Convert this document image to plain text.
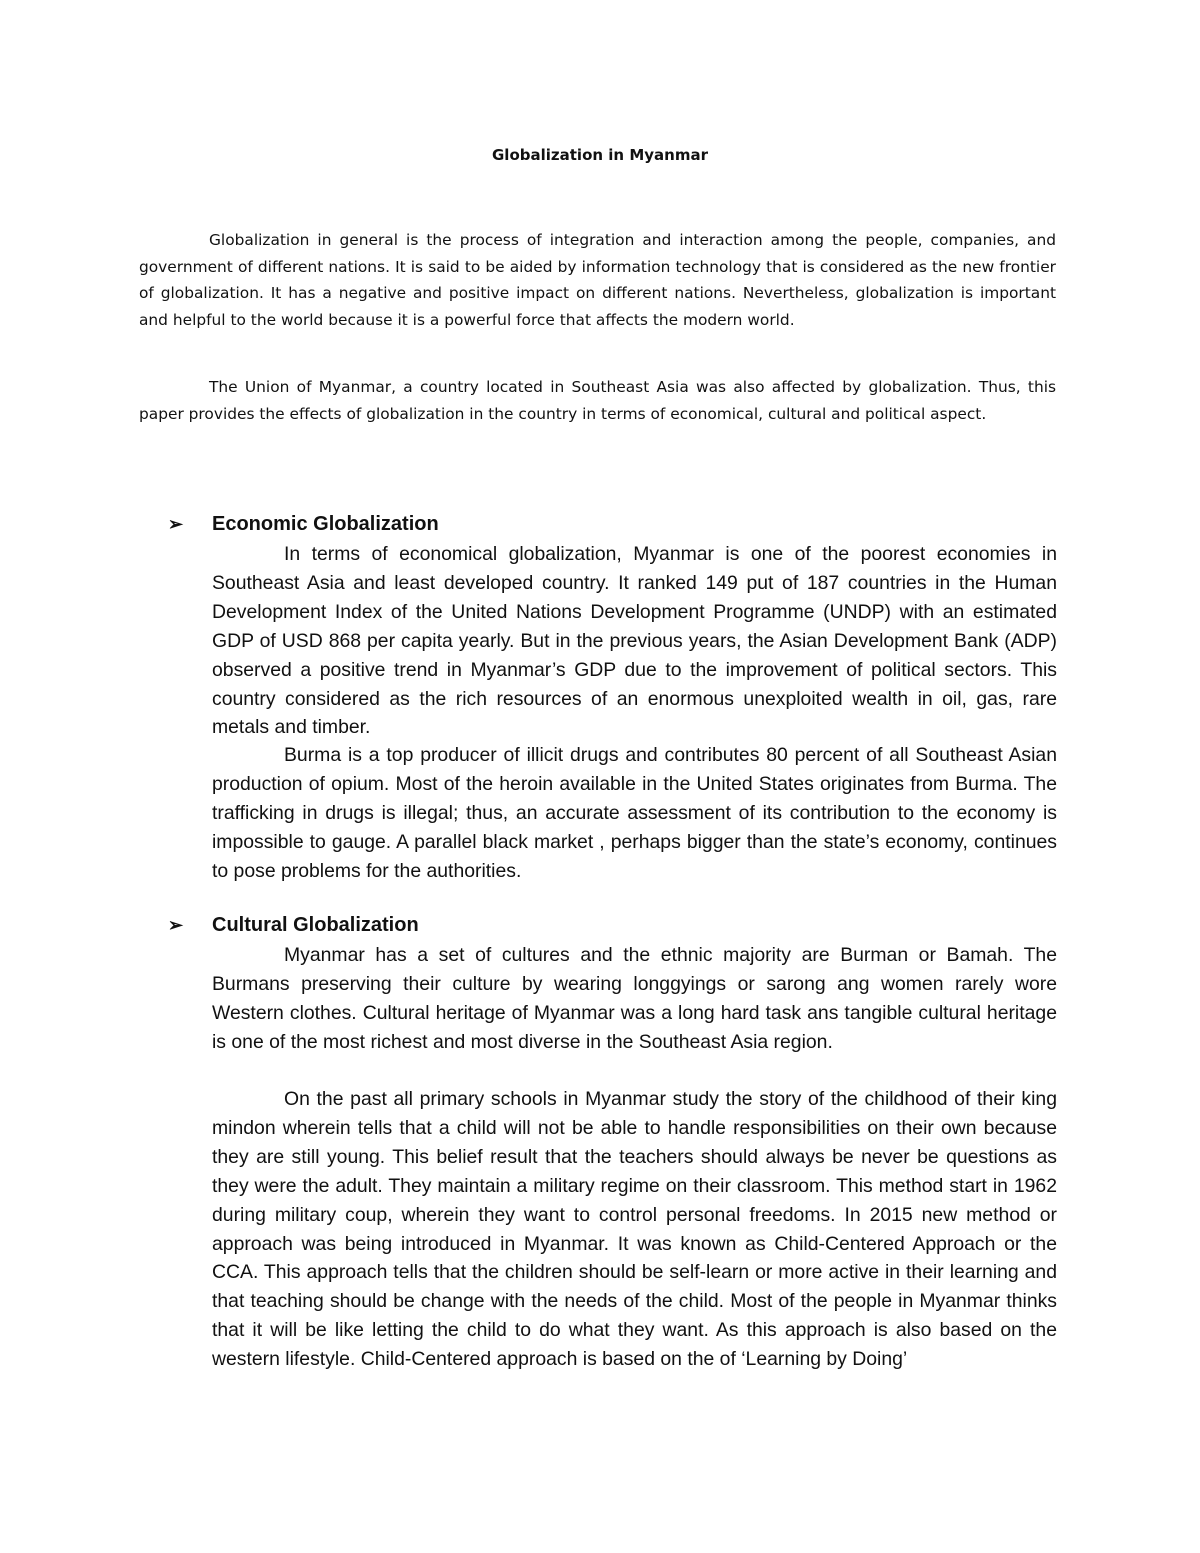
Globalization in Myanmar

Globalization in general is the process of integration and interaction among the people, companies, and government of different nations. It is said to be aided by information technology that is considered as the new frontier of globalization. It has a negative and positive impact on different nations. Nevertheless, globalization is important and helpful to the world because it is a powerful force that affects the modern world.

The Union of Myanmar, a country located in Southeast Asia was also affected by globalization. Thus, this paper provides the effects of globalization in the country in terms of economical, cultural and political aspect.

➢	Economic Globalization

In terms of economical globalization, Myanmar is one of the poorest economies in Southeast Asia and least developed country. It ranked 149 put of 187 countries in the Human Development Index of the United Nations Development Programme (UNDP) with an estimated GDP of USD 868 per capita yearly. But in the previous years, the Asian Development Bank (ADP) observed a positive trend in Myanmar’s GDP due to the improvement of political sectors. This country considered as the rich resources of an enormous unexploited wealth in oil, gas, rare metals and timber.

Burma is a top producer of illicit drugs and contributes 80 percent of all Southeast Asian production of opium. Most of the heroin available in the United States originates from Burma. The trafficking in drugs is illegal; thus, an accurate assessment of its contribution to the economy is impossible to gauge. A parallel black market , perhaps bigger than the state’s economy, continues to pose problems for the authorities.

➢	Cultural Globalization

Myanmar has a set of cultures and the ethnic majority are Burman or Bamah. The Burmans preserving their culture by wearing longgyings or sarong ang women rarely wore Western clothes. Cultural heritage of Myanmar was a long hard task ans tangible cultural heritage is one of the most richest and most diverse in the Southeast Asia region.

On the past all primary schools in Myanmar study the story of the childhood of their king mindon wherein tells that a child will not be able to handle responsibilities on their own because they are still young. This belief result that the teachers should always be never be questions as they were the adult. They maintain a military regime on their classroom. This method start in 1962 during military coup, wherein they want to control personal freedoms. In 2015 new method or approach was being introduced in Myanmar. It was known as Child-Centered Approach or the CCA. This approach tells that the children should be self-learn or more active in their learning and that teaching should be change with the needs of the child. Most of the people in Myanmar thinks that it will be like letting the child to do what they want. As this approach is also based on the western lifestyle. Child-Centered approach is based on the of ‘Learning by Doing’
